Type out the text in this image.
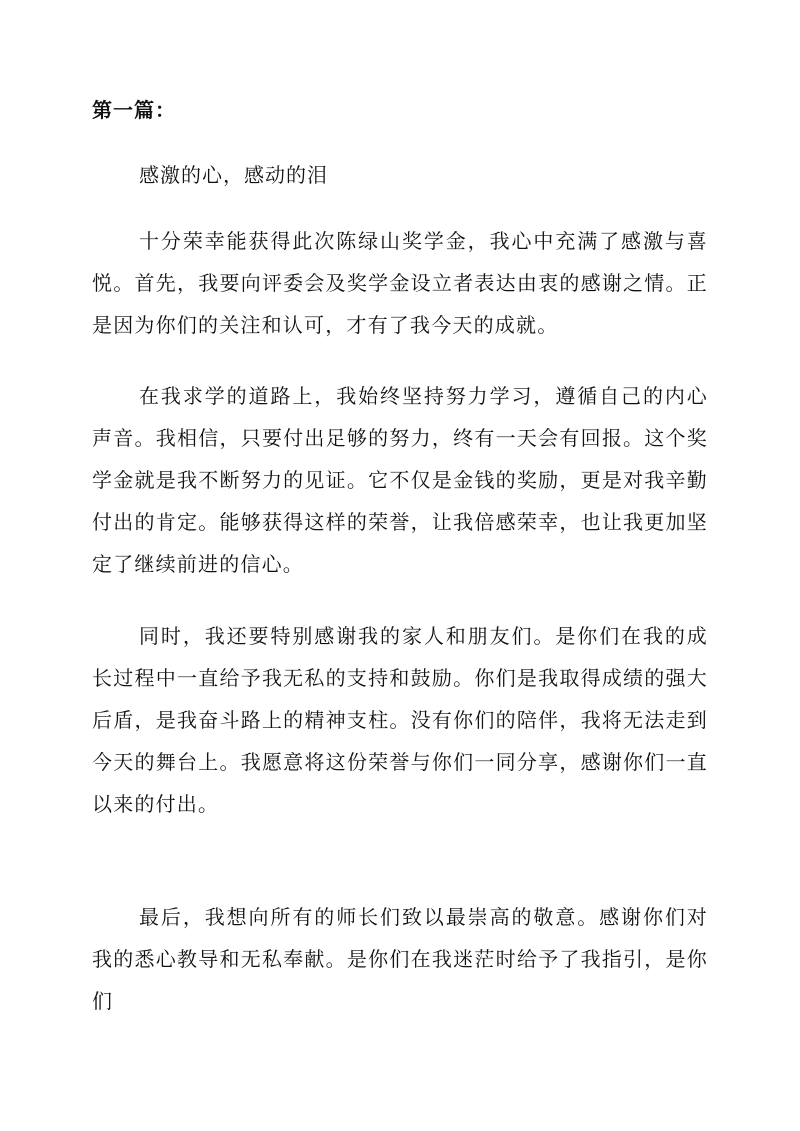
第一篇：

感激的心，感动的泪

十分荣幸能获得此次陈绿山奖学金，我心中充满了感激与喜悦。首先，我要向评委会及奖学金设立者表达由衷的感谢之情。正是因为你们的关注和认可，才有了我今天的成就。

在我求学的道路上，我始终坚持努力学习，遵循自己的内心声音。我相信，只要付出足够的努力，终有一天会有回报。这个奖学金就是我不断努力的见证。它不仅是金钱的奖励，更是对我辛勤付出的肯定。能够获得这样的荣誉，让我倍感荣幸，也让我更加坚定了继续前进的信心。

同时，我还要特别感谢我的家人和朋友们。是你们在我的成长过程中一直给予我无私的支持和鼓励。你们是我取得成绩的强大后盾，是我奋斗路上的精神支柱。没有你们的陪伴，我将无法走到今天的舞台上。我愿意将这份荣誉与你们一同分享，感谢你们一直以来的付出。

最后，我想向所有的师长们致以最崇高的敬意。感谢你们对我的悉心教导和无私奉献。是你们在我迷茫时给予了我指引，是你们
